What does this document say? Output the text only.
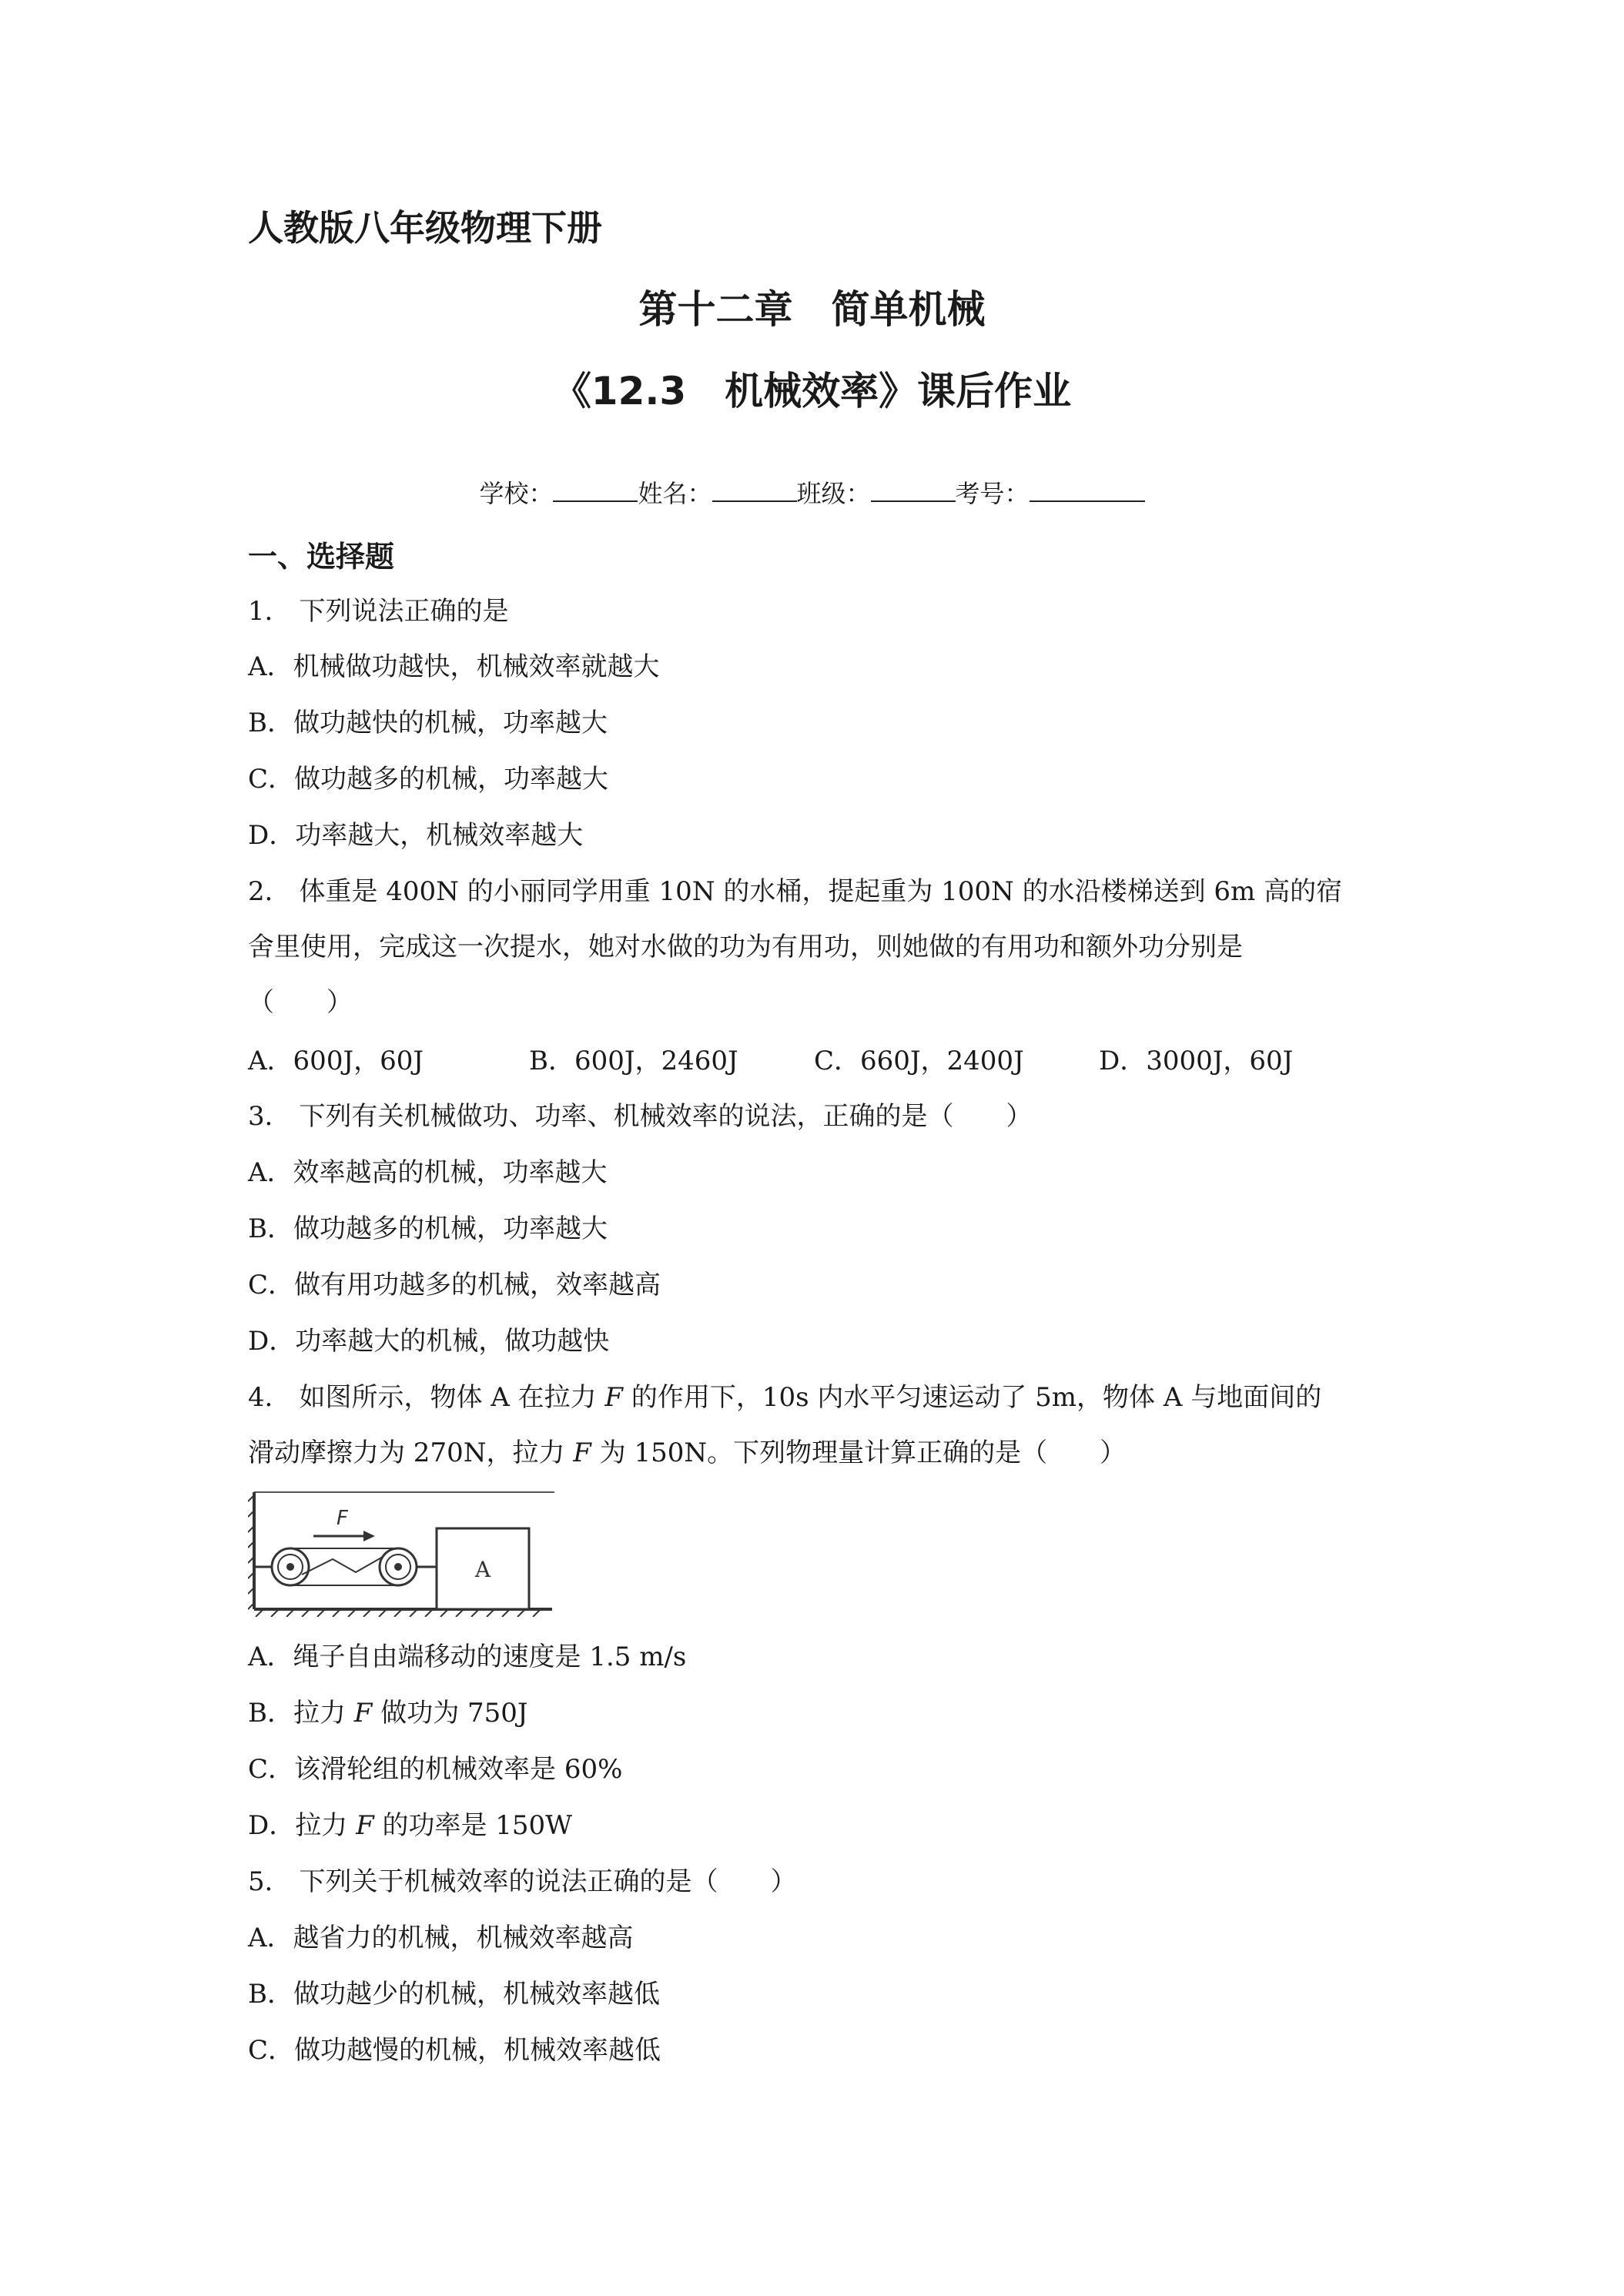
人教版八年级物理下册
第十二章　简单机械
《12.3　机械效率》课后作业
学校：	姓名：	班级：	考号：
一、选择题
1． 下列说法正确的是
A．机械做功越快，机械效率就越大
B．做功越快的机械，功率越大
C．做功越多的机械，功率越大
D．功率越大，机械效率越大
2． 体重是 400N 的小丽同学用重 10N 的水桶，提起重为 100N 的水沿楼梯送到 6m 高的宿
舍里使用，完成这一次提水，她对水做的功为有用功，则她做的有用功和额外功分别是
（　　）
A．600J，60J	B．600J，2460J	C．660J，2400J	D．3000J，60J
3． 下列有关机械做功、功率、机械效率的说法，正确的是（　　）
A．效率越高的机械，功率越大
B．做功越多的机械，功率越大
C．做有用功越多的机械，效率越高
D．功率越大的机械，做功越快
4． 如图所示，物体 A 在拉力 F 的作用下，10s 内水平匀速运动了 5m，物体 A 与地面间的
滑动摩擦力为 270N，拉力 F 为 150N。下列物理量计算正确的是（　　）
F
A
A．绳子自由端移动的速度是 1.5 m/s
B．拉力 F 做功为 750J
C．该滑轮组的机械效率是 60%
D．拉力 F 的功率是 150W
5． 下列关于机械效率的说法正确的是（　　）
A．越省力的机械，机械效率越高
B．做功越少的机械，机械效率越低
C．做功越慢的机械，机械效率越低
